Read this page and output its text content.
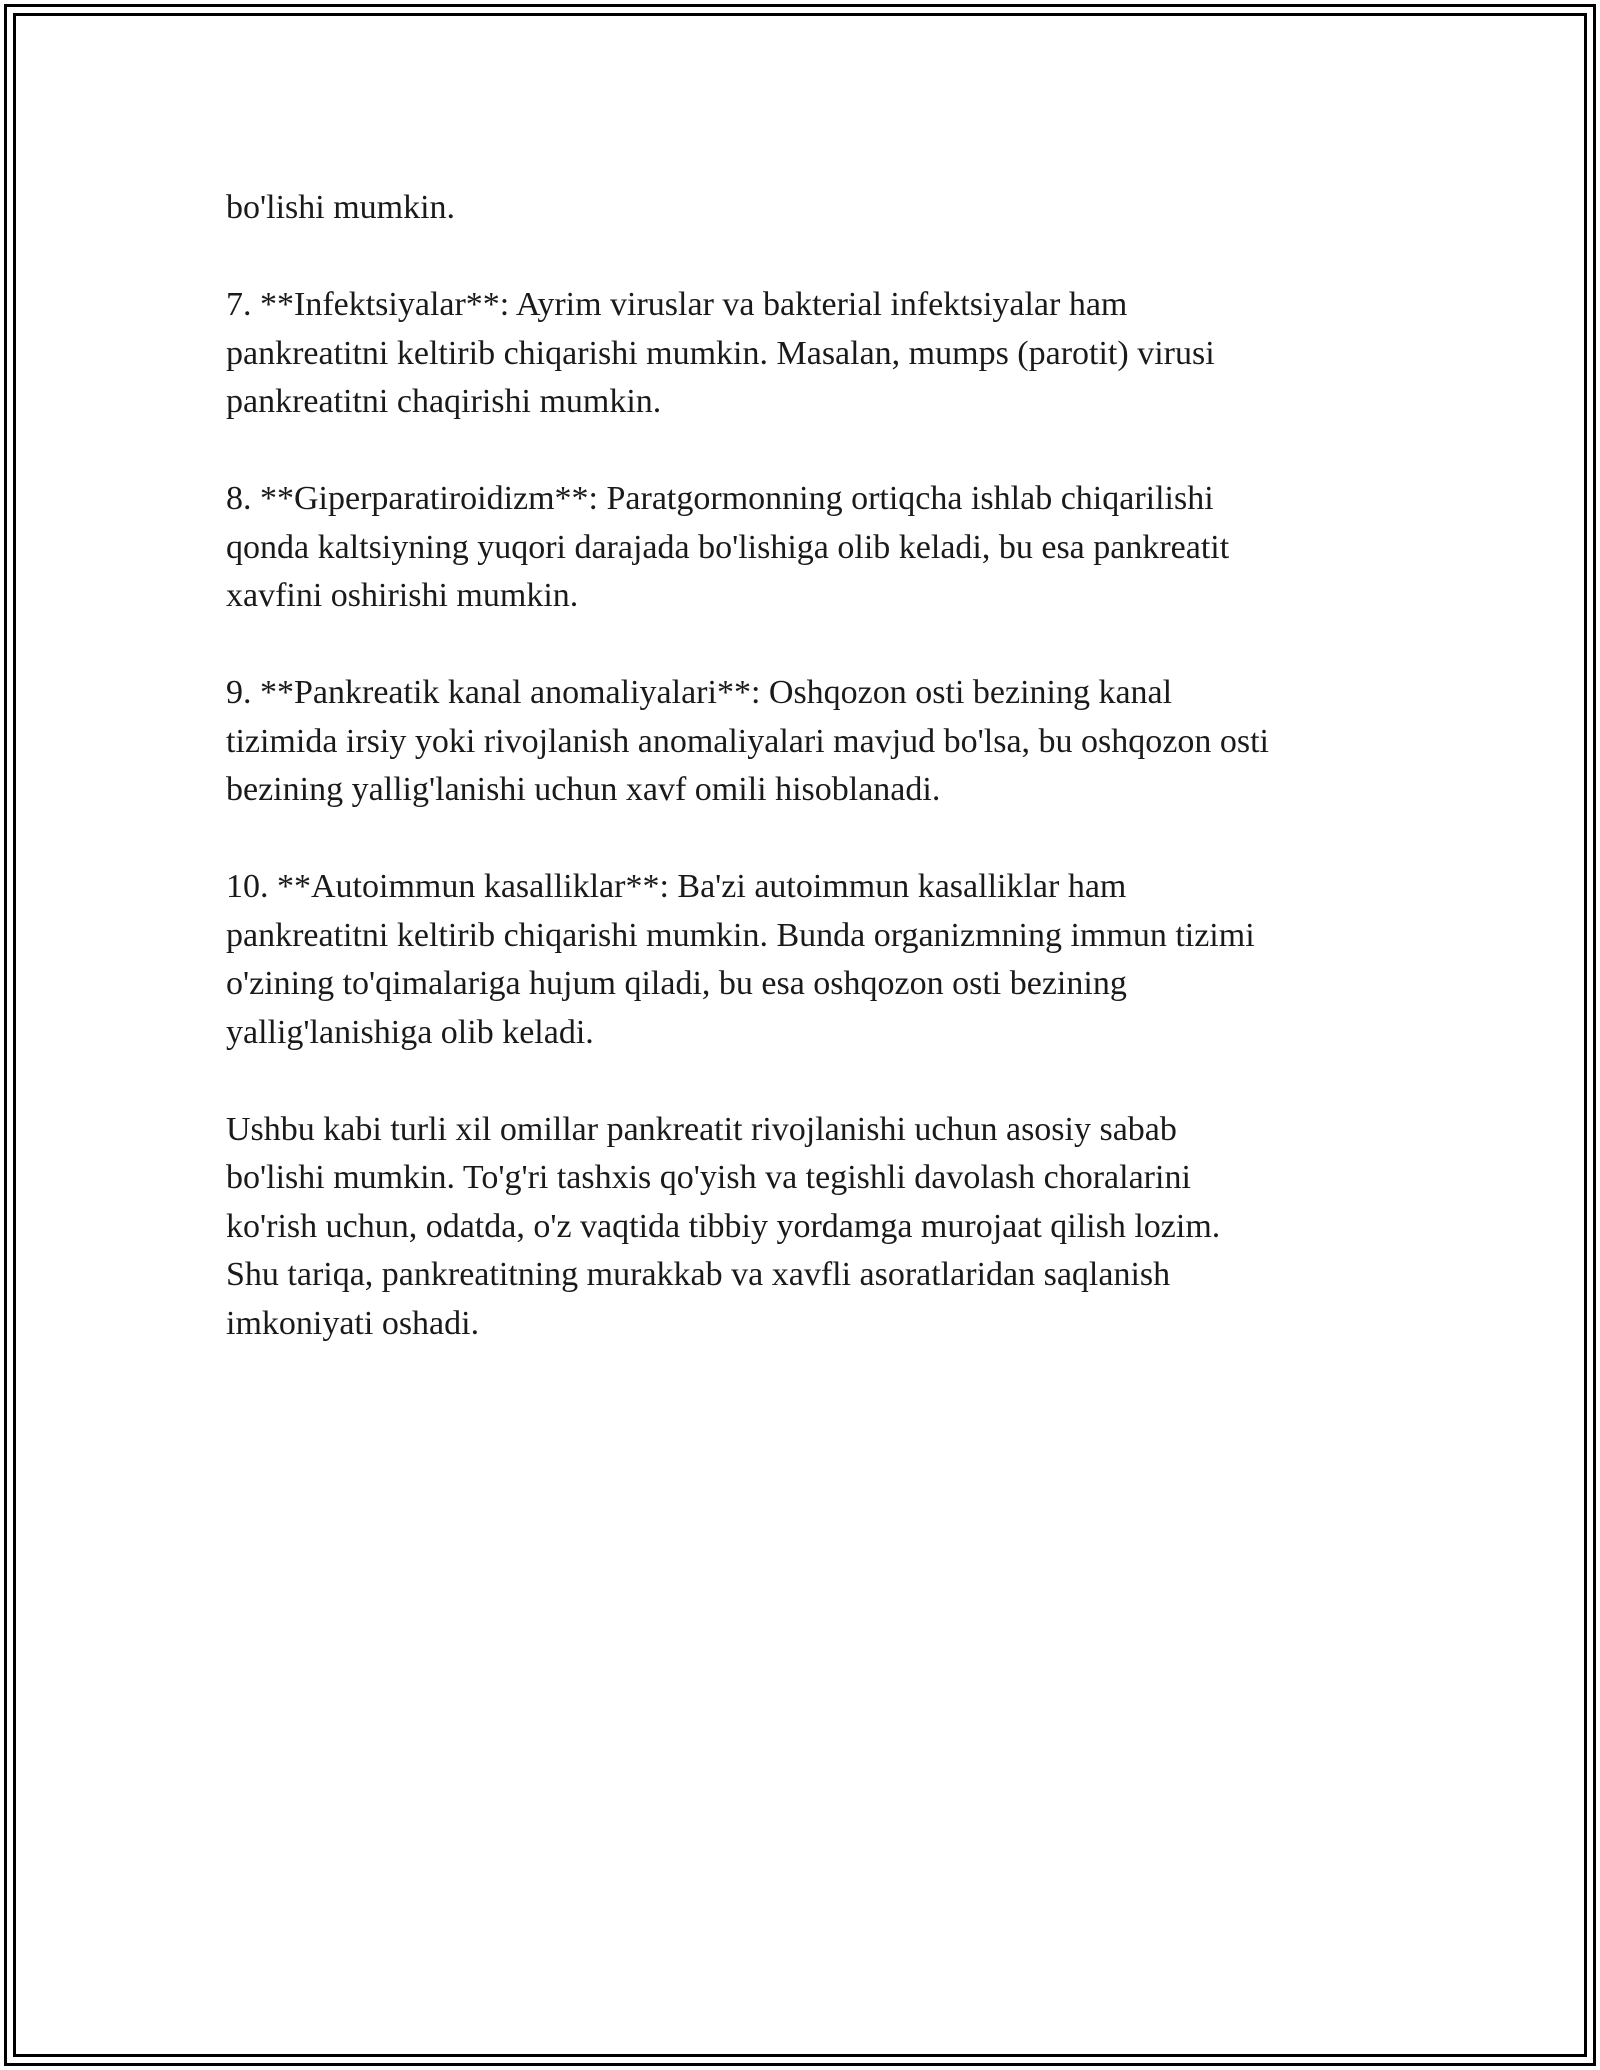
bo'lishi mumkin.

7. **Infektsiyalar**: Ayrim viruslar va bakterial infektsiyalar ham
pankreatitni keltirib chiqarishi mumkin. Masalan, mumps (parotit) virusi
pankreatitni chaqirishi mumkin.

8. **Giperparatiroidizm**: Paratgormonning ortiqcha ishlab chiqarilishi
qonda kaltsiyning yuqori darajada bo'lishiga olib keladi, bu esa pankreatit
xavfini oshirishi mumkin.

9. **Pankreatik kanal anomaliyalari**: Oshqozon osti bezining kanal
tizimida irsiy yoki rivojlanish anomaliyalari mavjud bo'lsa, bu oshqozon osti
bezining yallig'lanishi uchun xavf omili hisoblanadi.

10. **Autoimmun kasalliklar**: Ba'zi autoimmun kasalliklar ham
pankreatitni keltirib chiqarishi mumkin. Bunda organizmning immun tizimi
o'zining to'qimalariga hujum qiladi, bu esa oshqozon osti bezining
yallig'lanishiga olib keladi.

Ushbu kabi turli xil omillar pankreatit rivojlanishi uchun asosiy sabab
bo'lishi mumkin. To'g'ri tashxis qo'yish va tegishli davolash choralarini
ko'rish uchun, odatda, o'z vaqtida tibbiy yordamga murojaat qilish lozim.
Shu tariqa, pankreatitning murakkab va xavfli asoratlaridan saqlanish
imkoniyati oshadi.
